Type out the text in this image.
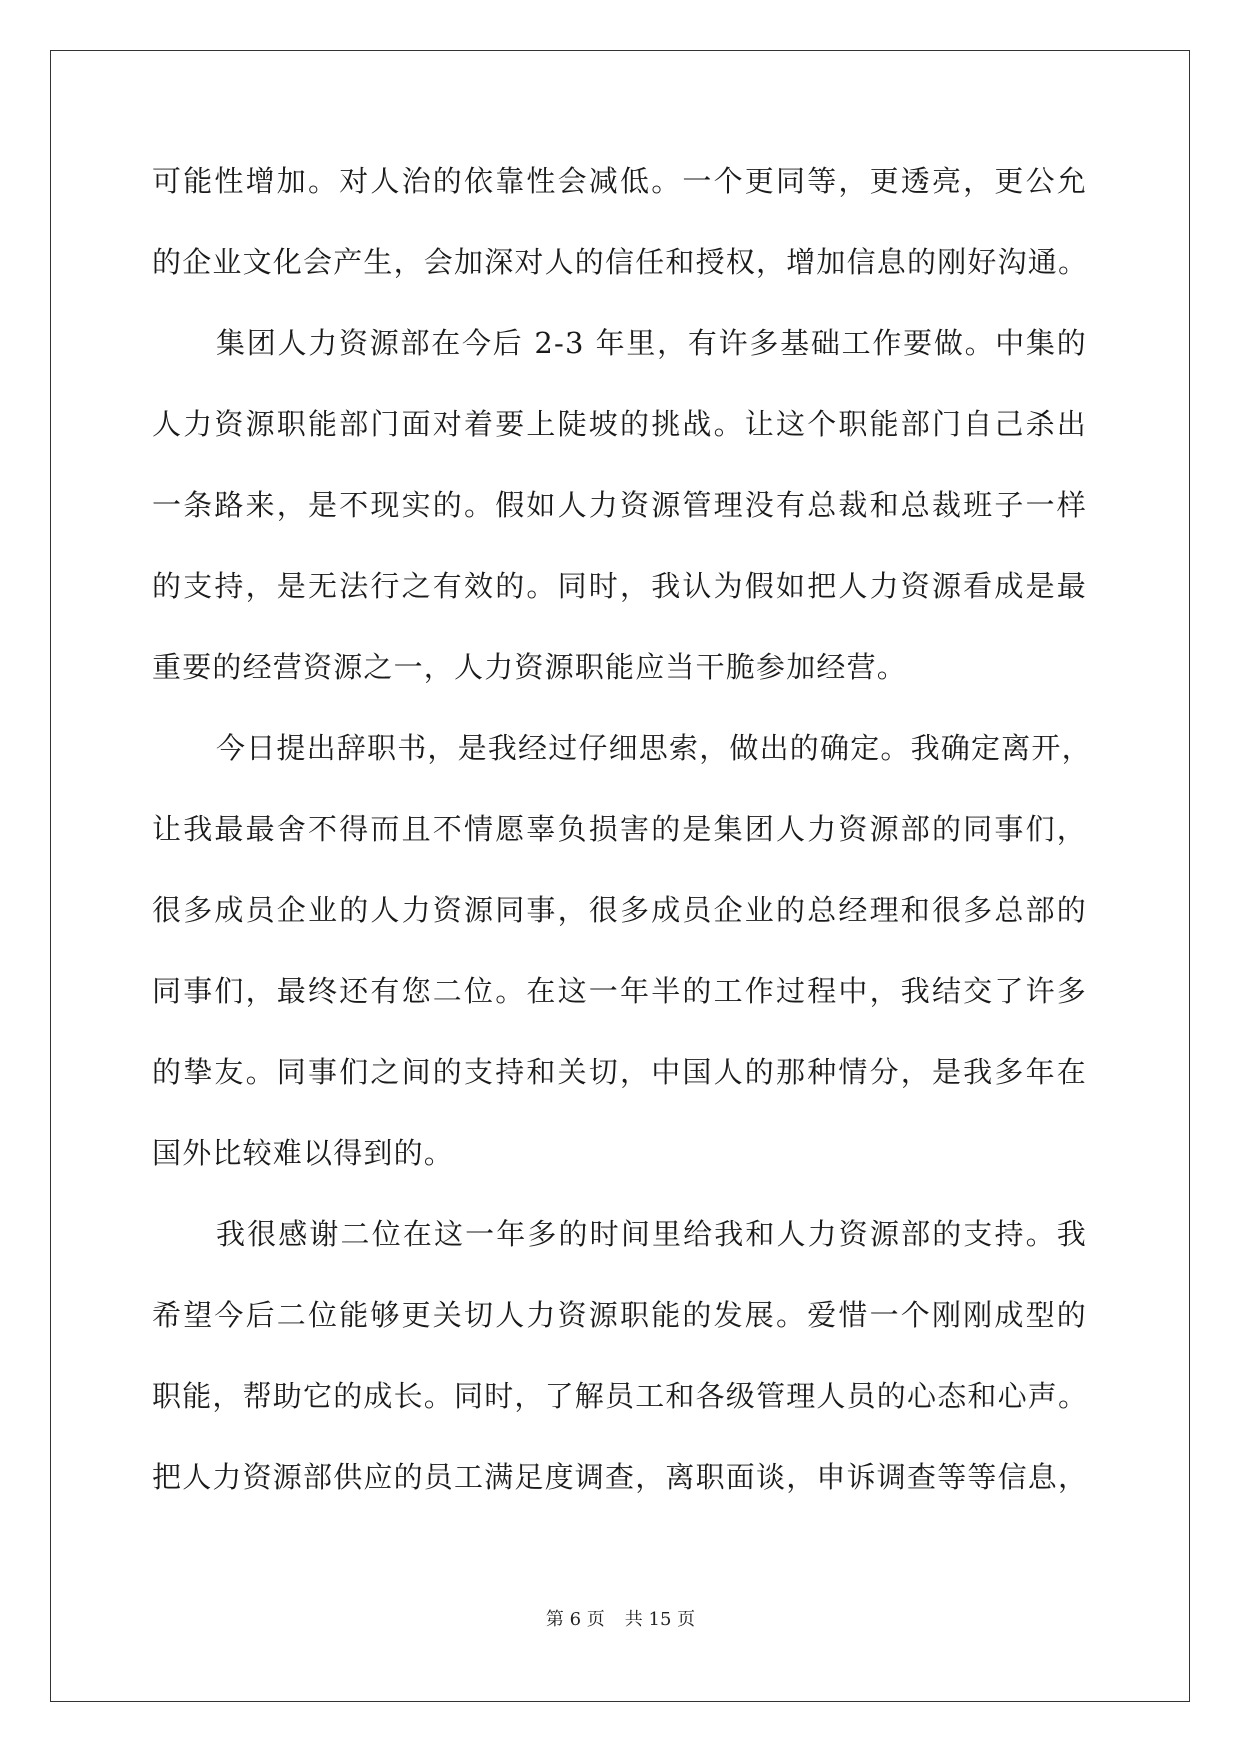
可能性增加。对人治的依靠性会减低。一个更同等，更透亮，更公允
的企业文化会产生，会加深对人的信任和授权，增加信息的刚好沟通。
集团人力资源部在今后 2-3 年里，有许多基础工作要做。中集的
人力资源职能部门面对着要上陡坡的挑战。让这个职能部门自己杀出
一条路来，是不现实的。假如人力资源管理没有总裁和总裁班子一样
的支持，是无法行之有效的。同时，我认为假如把人力资源看成是最
重要的经营资源之一，人力资源职能应当干脆参加经营。
今日提出辞职书，是我经过仔细思索，做出的确定。我确定离开，
让我最最舍不得而且不情愿辜负损害的是集团人力资源部的同事们，
很多成员企业的人力资源同事，很多成员企业的总经理和很多总部的
同事们，最终还有您二位。在这一年半的工作过程中，我结交了许多
的挚友。同事们之间的支持和关切，中国人的那种情分，是我多年在
国外比较难以得到的。
我很感谢二位在这一年多的时间里给我和人力资源部的支持。我
希望今后二位能够更关切人力资源职能的发展。爱惜一个刚刚成型的
职能，帮助它的成长。同时，了解员工和各级管理人员的心态和心声。
把人力资源部供应的员工满足度调查，离职面谈，申诉调查等等信息，
第 6 页 共 15 页
